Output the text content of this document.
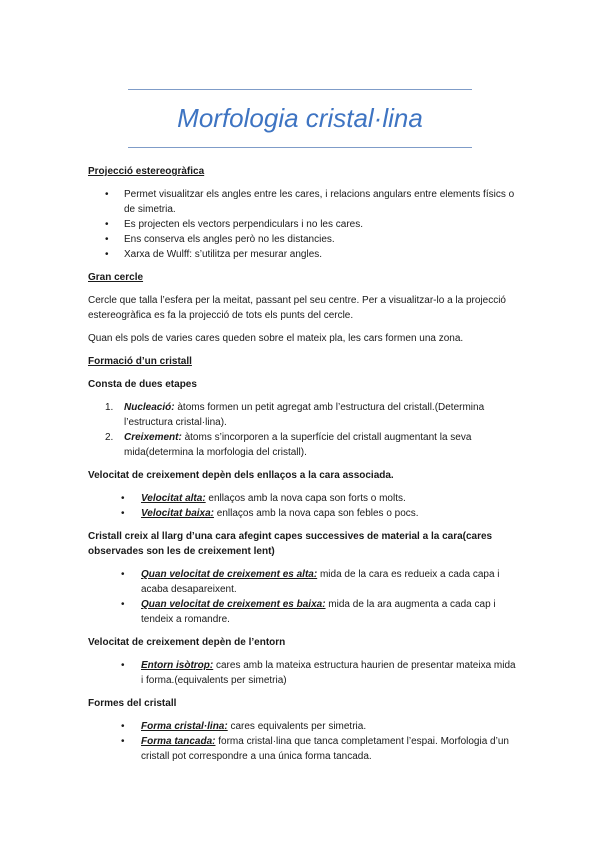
Morfologia cristal·lina
Projecció estereogràfica
• Permet visualitzar els angles entre les cares, i relacions angulars entre elements físics o de simetria.
• Es projecten els vectors perpendiculars i no les cares.
• Ens conserva els angles però no les distancies.
• Xarxa de Wulff: s’utilitza per mesurar angles.
Gran cercle
Cercle que talla l’esfera per la meitat, passant pel seu centre. Per a visualitzar-lo a la projecció estereogràfica es fa la projecció de tots els punts del cercle.
Quan els pols de varies cares queden sobre el mateix pla, les cars formen una zona.
Formació d’un cristall
Consta de dues etapes
1. Nucleació: àtoms formen un petit agregat amb l’estructura del cristall.(Determina l’estructura cristal·lina).
2. Creixement: àtoms s’incorporen a la superfície del cristall augmentant la seva mida(determina la morfologia del cristall).
Velocitat de creixement depèn dels enllaços a la cara associada.
• Velocitat alta: enllaços amb la nova capa son forts o molts.
• Velocitat baixa: enllaços amb la nova capa son febles o pocs.
Cristall creix al llarg d’una cara afegint capes successives de material a la cara(cares observades son les de creixement lent)
• Quan velocitat de creixement es alta: mida de la cara es redueix a cada capa i acaba desapareixent.
• Quan velocitat de creixement es baixa: mida de la ara augmenta a cada cap i tendeix a romandre.
Velocitat de creixement depèn de l’entorn
• Entorn isòtrop: cares amb la mateixa estructura haurien de presentar mateixa mida i forma.(equivalents per simetria)
Formes del cristall
• Forma cristal·lina: cares equivalents per simetria.
• Forma tancada: forma cristal·lina que tanca completament l’espai. Morfologia d’un cristall pot correspondre a una única forma tancada.
